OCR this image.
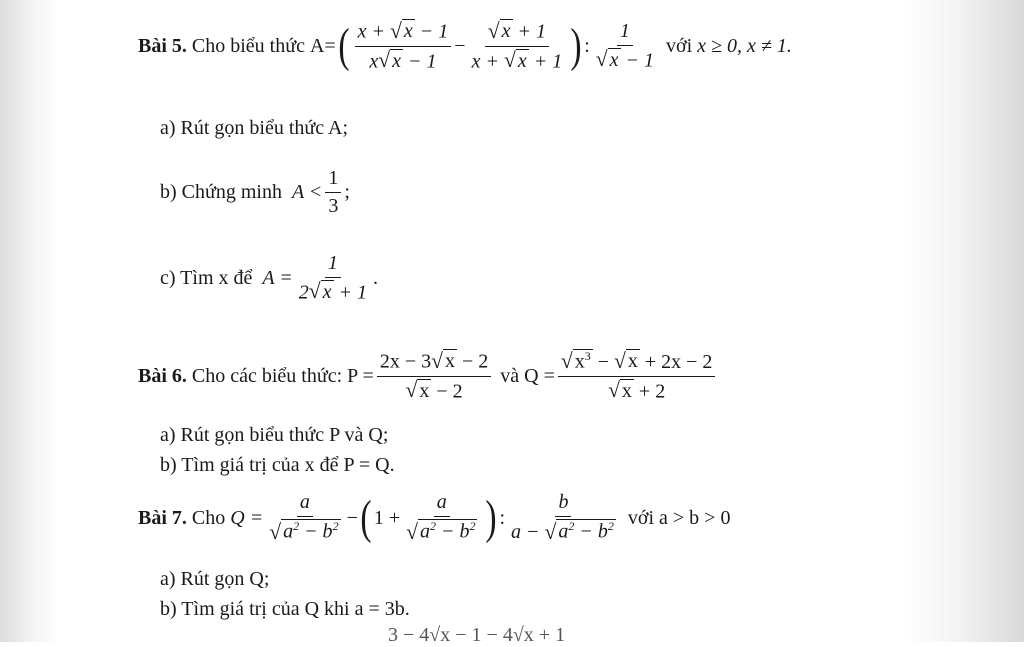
Bài 5.
Cho biểu thức
A = ( $\frac{x + √ x - 1}{x √ x - 1} - \frac{√ x + 1}{x + √ x + 1}$ ) : $\frac{1}{√ x - 1}$ với
x ≥ 0, x ≠ 1.
a) Rút gọn biểu thức A;
b) Chứng minh
$A < \frac{1}{3}$ ;
c) Tìm x để
$A = \frac{1}{2 √ x + 1}$ .
Bài 6.
Cho các biểu thức:
$P = \frac{2x - 3 √ x - 2}{√ x - 2}$ và
$Q = \frac{√ x^3 - √ x + 2x - 2}{√ x + 2}$
a) Rút gọn biểu thức P và Q;
b) Tìm giá trị của x để P = Q.
Bài 7.
Cho
$Q = \frac{a}{√ a^2 - b^2}$ − ( $1 + \frac{a}{√ a^2 - b^2}$ ) : $\frac{b}{a - √ a^2 - b^2}$ với a > b > 0
a) Rút gọn Q;
b) Tìm giá trị của Q khi a = 3b.
3 − 4√x − 1 − 4√x + 1
